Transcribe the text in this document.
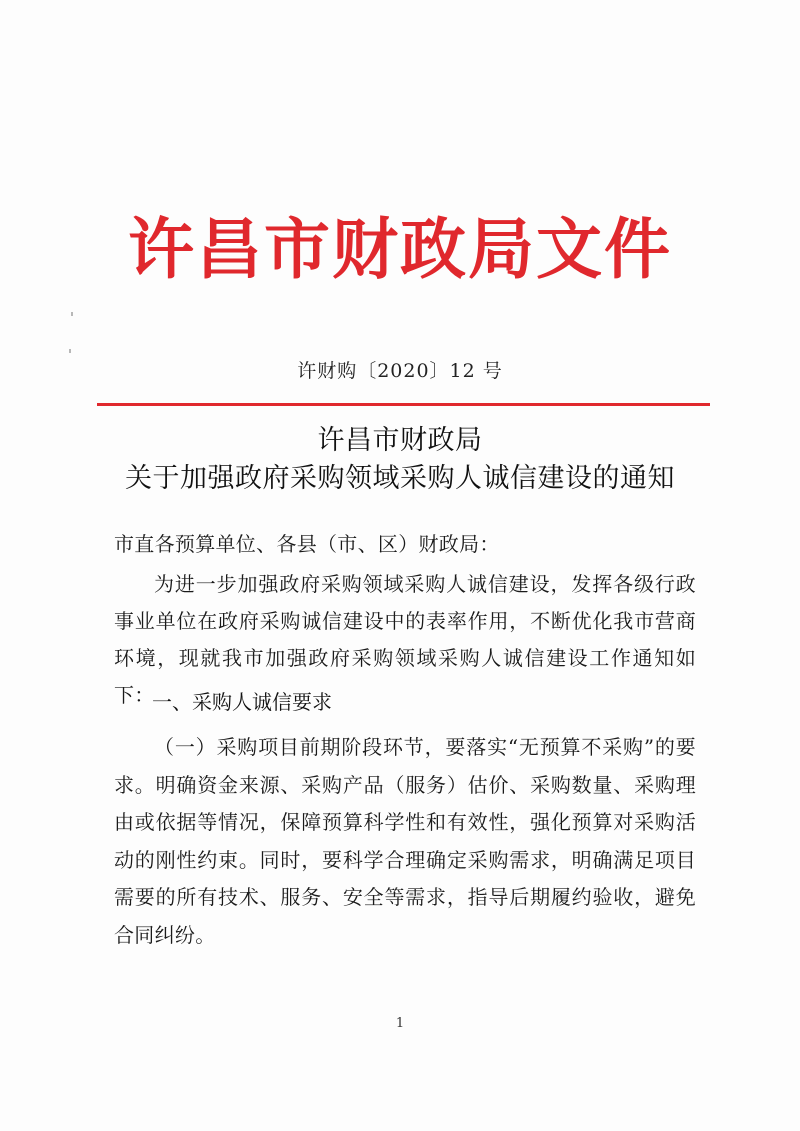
许昌市财政局文件
许财购〔2020〕12 号
许昌市财政局
关于加强政府采购领域采购人诚信建设的通知
市直各预算单位、各县（市、区）财政局：
为进一步加强政府采购领域采购人诚信建设，发挥各级行政事业单位在政府采购诚信建设中的表率作用，不断优化我市营商环境，现就我市加强政府采购领域采购人诚信建设工作通知如下：
一、采购人诚信要求
（一）采购项目前期阶段环节，要落实“无预算不采购”的要求。明确资金来源、采购产品（服务）估价、采购数量、采购理由或依据等情况，保障预算科学性和有效性，强化预算对采购活动的刚性约束。同时，要科学合理确定采购需求，明确满足项目需要的所有技术、服务、安全等需求，指导后期履约验收，避免合同纠纷。
1
